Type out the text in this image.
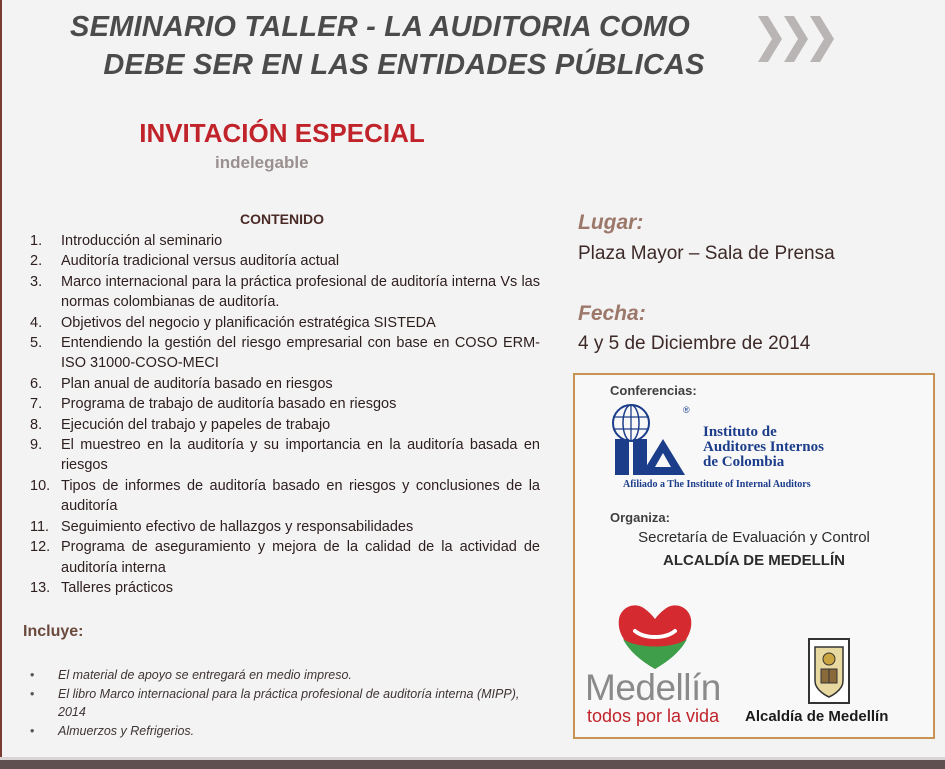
SEMINARIO TALLER - LA AUDITORIA COMO
DEBE SER EN LAS ENTIDADES PÚBLICAS
INVITACIÓN ESPECIAL
indelegable
CONTENIDO
1.	Introducción al seminario
2.	Auditoría tradicional versus auditoría actual
3.	Marco internacional para la práctica profesional de auditoría interna Vs las normas colombianas de auditoría.
4.	Objetivos del negocio y planificación estratégica SISTEDA
5.	Entendiendo la gestión del riesgo empresarial con base en COSO ERM- ISO 31000-COSO-MECI
6.	Plan anual de auditoría basado en riesgos
7.	Programa de trabajo de auditoría basado en riesgos
8.	Ejecución del trabajo y papeles de trabajo
9.	El muestreo en la auditoría y su importancia en la auditoría basada en riesgos
10. Tipos de informes de auditoría basado en riesgos y conclusiones de la auditoría
11. Seguimiento efectivo de hallazgos y responsabilidades
12. Programa de aseguramiento y mejora de la calidad de la actividad de auditoría interna
13. Talleres prácticos
Incluye:
•	El material de apoyo se entregará en medio impreso.
•	El libro Marco internacional para la práctica profesional de auditoría interna (MIPP), 2014
•	Almuerzos y Refrigerios.
Lugar:
Plaza Mayor – Sala de Prensa
Fecha:
4 y 5 de Diciembre de 2014
Conferencias:
®
Instituto de
Auditores Internos
de Colombia
Afiliado a The Institute of Internal Auditors
Organiza:
Secretaría de Evaluación y Control
ALCALDÍA DE MEDELLÍN
Medellín
todos por la vida Alcaldía de Medellín
